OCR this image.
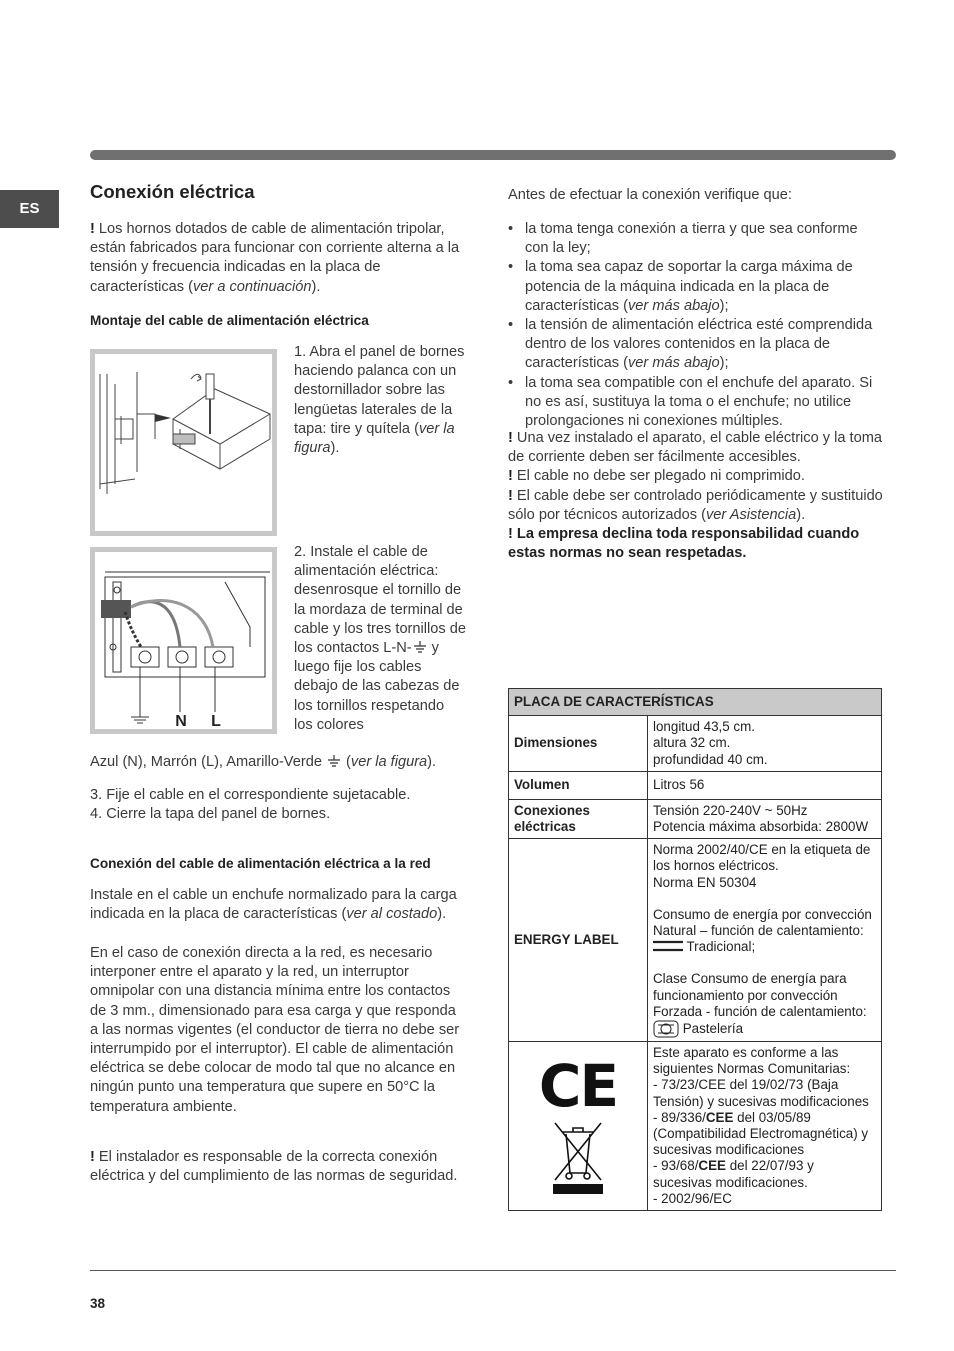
ES
Conexión eléctrica

! Los hornos dotados de cable de alimentación tripolar, están fabricados para funcionar con corriente alterna a la tensión y frecuencia indicadas en la placa de características (ver a continuación).

Montaje del cable de alimentación eléctrica

1. Abra el panel de bornes haciendo palanca con un destornillador sobre las lengüetas laterales de la tapa: tire y quítela (ver la figura).

N L

2. Instale el cable de alimentación eléctrica: desenrosque el tornillo de la mordaza de terminal de cable y los tres tornillos de los contactos L-N- y luego fije los cables debajo de las cabezas de los tornillos respetando los colores

Azul (N), Marrón (L), Amarillo-Verde  (ver la figura).

3. Fije el cable en el correspondiente sujetacable.

4. Cierre la tapa del panel de bornes.

Conexión del cable de alimentación eléctrica a la red

Instale en el cable un enchufe normalizado para la carga indicada en la placa de características (ver al costado).

En el caso de conexión directa a la red, es necesario interponer entre el aparato y la red, un interruptor omnipolar con una distancia mínima entre los contactos de 3 mm., dimensionado para esa carga y que responda a las normas vigentes (el conductor de tierra no debe ser interrumpido por el interruptor). El cable de alimentación eléctrica se debe colocar de modo tal que no alcance en ningún punto una temperatura que supere en 50°C la temperatura ambiente.

! El instalador es responsable de la correcta conexión eléctrica y del cumplimiento de las normas de seguridad.

Antes de efectuar la conexión verifique que:

• la toma tenga conexión a tierra y que sea conforme con la ley;
• la toma sea capaz de soportar la carga máxima de potencia de la máquina indicada en la placa de características (ver más abajo);
• la tensión de alimentación eléctrica esté comprendida dentro de los valores contenidos en la placa de características (ver más abajo);
• la toma sea compatible con el enchufe del aparato. Si no es así, sustituya la toma o el enchufe; no utilice prolongaciones ni conexiones múltiples.

! Una vez instalado el aparato, el cable eléctrico y la toma de corriente deben ser fácilmente accesibles.

! El cable no debe ser plegado ni comprimido.

! El cable debe ser controlado periódicamente y sustituido sólo por técnicos autorizados (ver Asistencia).

! La empresa declina toda responsabilidad cuando estas normas no sean respetadas.

PLACA DE CARACTERÍSTICAS	
Dimensiones	longitud 43,5 cm.
altura 32 cm.
profundidad 40 cm.

Volumen	Litros 56
Conexiones eléctricas	Tensión 220-240V ~ 50Hz
Potencia máxima absorbida: 2800W

ENERGY LABEL	Norma 2002/40/CE en la etiqueta de los hornos eléctricos.
Norma EN 50304
Consumo de energía por convección Natural – función de calentamiento:  Tradicional;
Clase Consumo de energía para funcionamiento por convección Forzada - función de calentamiento:  Pastelería

CE	Este aparato es conforme a las siguientes Normas Comunitarias:
- 73/23/CEE del 19/02/73 (Baja Tensión) y sucesivas modificaciones
- 89/336/CEE del 03/05/89 (Compatibilidad Electromagnética) y sucesivas modificaciones
- 93/68/CEE del 22/07/93 y sucesivas modificaciones.
- 2002/96/EC
38
